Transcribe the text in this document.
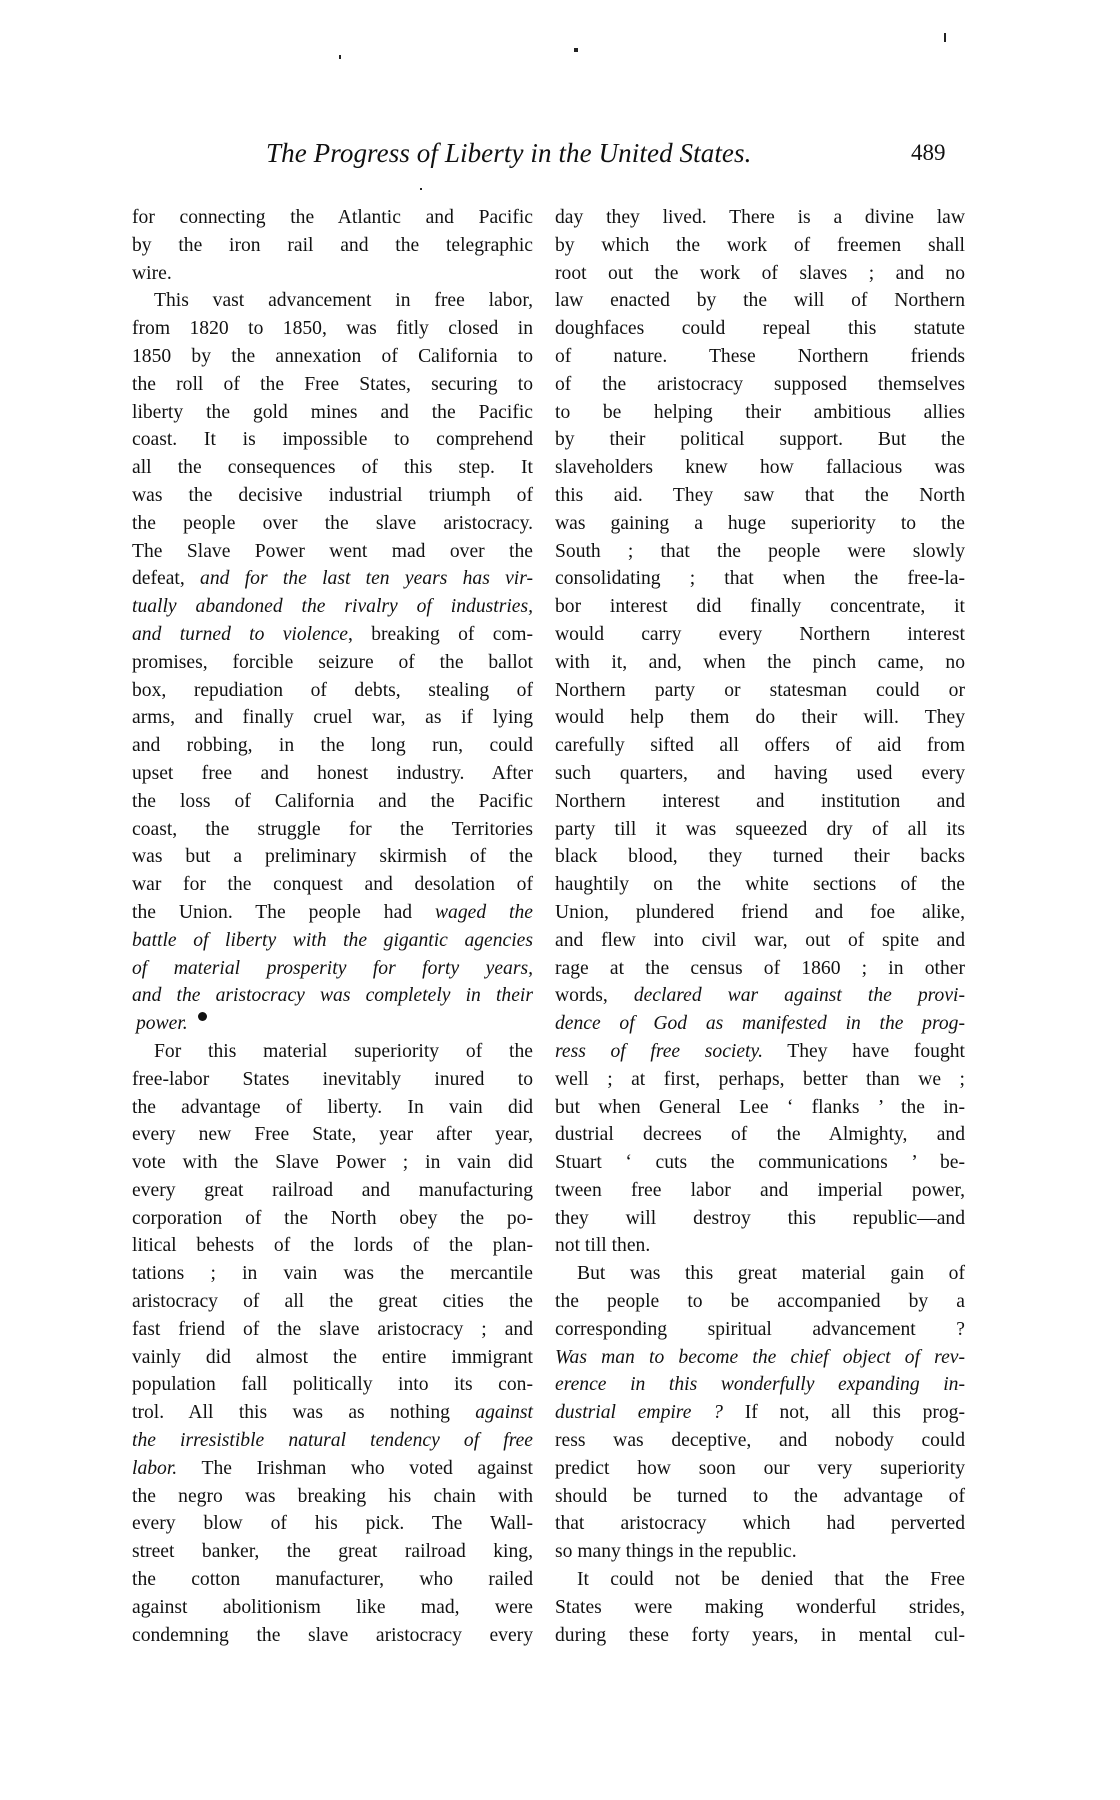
The Progress of Liberty in the United States.	489
for connecting the Atlantic and Pacific
by the iron rail and the telegraphic
wire.
This vast advancement in free labor,
from 1820 to 1850, was fitly closed in
1850 by the annexation of California to
the roll of the Free States, securing to
liberty the gold mines and the Pacific
coast. It is impossible to comprehend
all the consequences of this step. It
was the decisive industrial triumph of
the people over the slave aristocracy.
The Slave Power went mad over the
defeat, and for the last ten years has vir-
tually abandoned the rivalry of industries,
and turned to violence, breaking of com-
promises, forcible seizure of the ballot
box, repudiation of debts, stealing of
arms, and finally cruel war, as if lying
and robbing, in the long run, could
upset free and honest industry. After
the loss of California and the Pacific
coast, the struggle for the Territories
was but a preliminary skirmish of the
war for the conquest and desolation of
the Union. The people had waged the
battle of liberty with the gigantic agencies
of material prosperity for forty years,
and the aristocracy was completely in their
power.
For this material superiority of the
free-labor States inevitably inured to
the advantage of liberty. In vain did
every new Free State, year after year,
vote with the Slave Power ; in vain did
every great railroad and manufacturing
corporation of the North obey the po-
litical behests of the lords of the plan-
tations ; in vain was the mercantile
aristocracy of all the great cities the
fast friend of the slave aristocracy ; and
vainly did almost the entire immigrant
population fall politically into its con-
trol. All this was as nothing against
the irresistible natural tendency of free
labor. The Irishman who voted against
the negro was breaking his chain with
every blow of his pick. The Wall-
street banker, the great railroad king,
the cotton manufacturer, who railed
against abolitionism like mad, were
condemning the slave aristocracy every
day they lived. There is a divine law
by which the work of freemen shall
root out the work of slaves ; and no
law enacted by the will of Northern
doughfaces could repeal this statute
of nature. These Northern friends
of the aristocracy supposed themselves
to be helping their ambitious allies
by their political support. But the
slaveholders knew how fallacious was
this aid. They saw that the North
was gaining a huge superiority to the
South ; that the people were slowly
consolidating ; that when the free-la-
bor interest did finally concentrate, it
would carry every Northern interest
with it, and, when the pinch came, no
Northern party or statesman could or
would help them do their will. They
carefully sifted all offers of aid from
such quarters, and having used every
Northern interest and institution and
party till it was squeezed dry of all its
black blood, they turned their backs
haughtily on the white sections of the
Union, plundered friend and foe alike,
and flew into civil war, out of spite and
rage at the census of 1860 ; in other
words, declared war against the provi-
dence of God as manifested in the prog-
ress of free society. They have fought
well ; at first, perhaps, better than we ;
but when General Lee ‘ flanks ’ the in-
dustrial decrees of the Almighty, and
Stuart ‘ cuts the communications ’ be-
tween free labor and imperial power,
they will destroy this republic—and
not till then.
But was this great material gain of
the people to be accompanied by a
corresponding spiritual advancement ?
Was man to become the chief object of rev-
erence in this wonderfully expanding in-
dustrial empire ? If not, all this prog-
ress was deceptive, and nobody could
predict how soon our very superiority
should be turned to the advantage of
that aristocracy which had perverted
so many things in the republic.
It could not be denied that the Free
States were making wonderful strides,
during these forty years, in mental cul-
